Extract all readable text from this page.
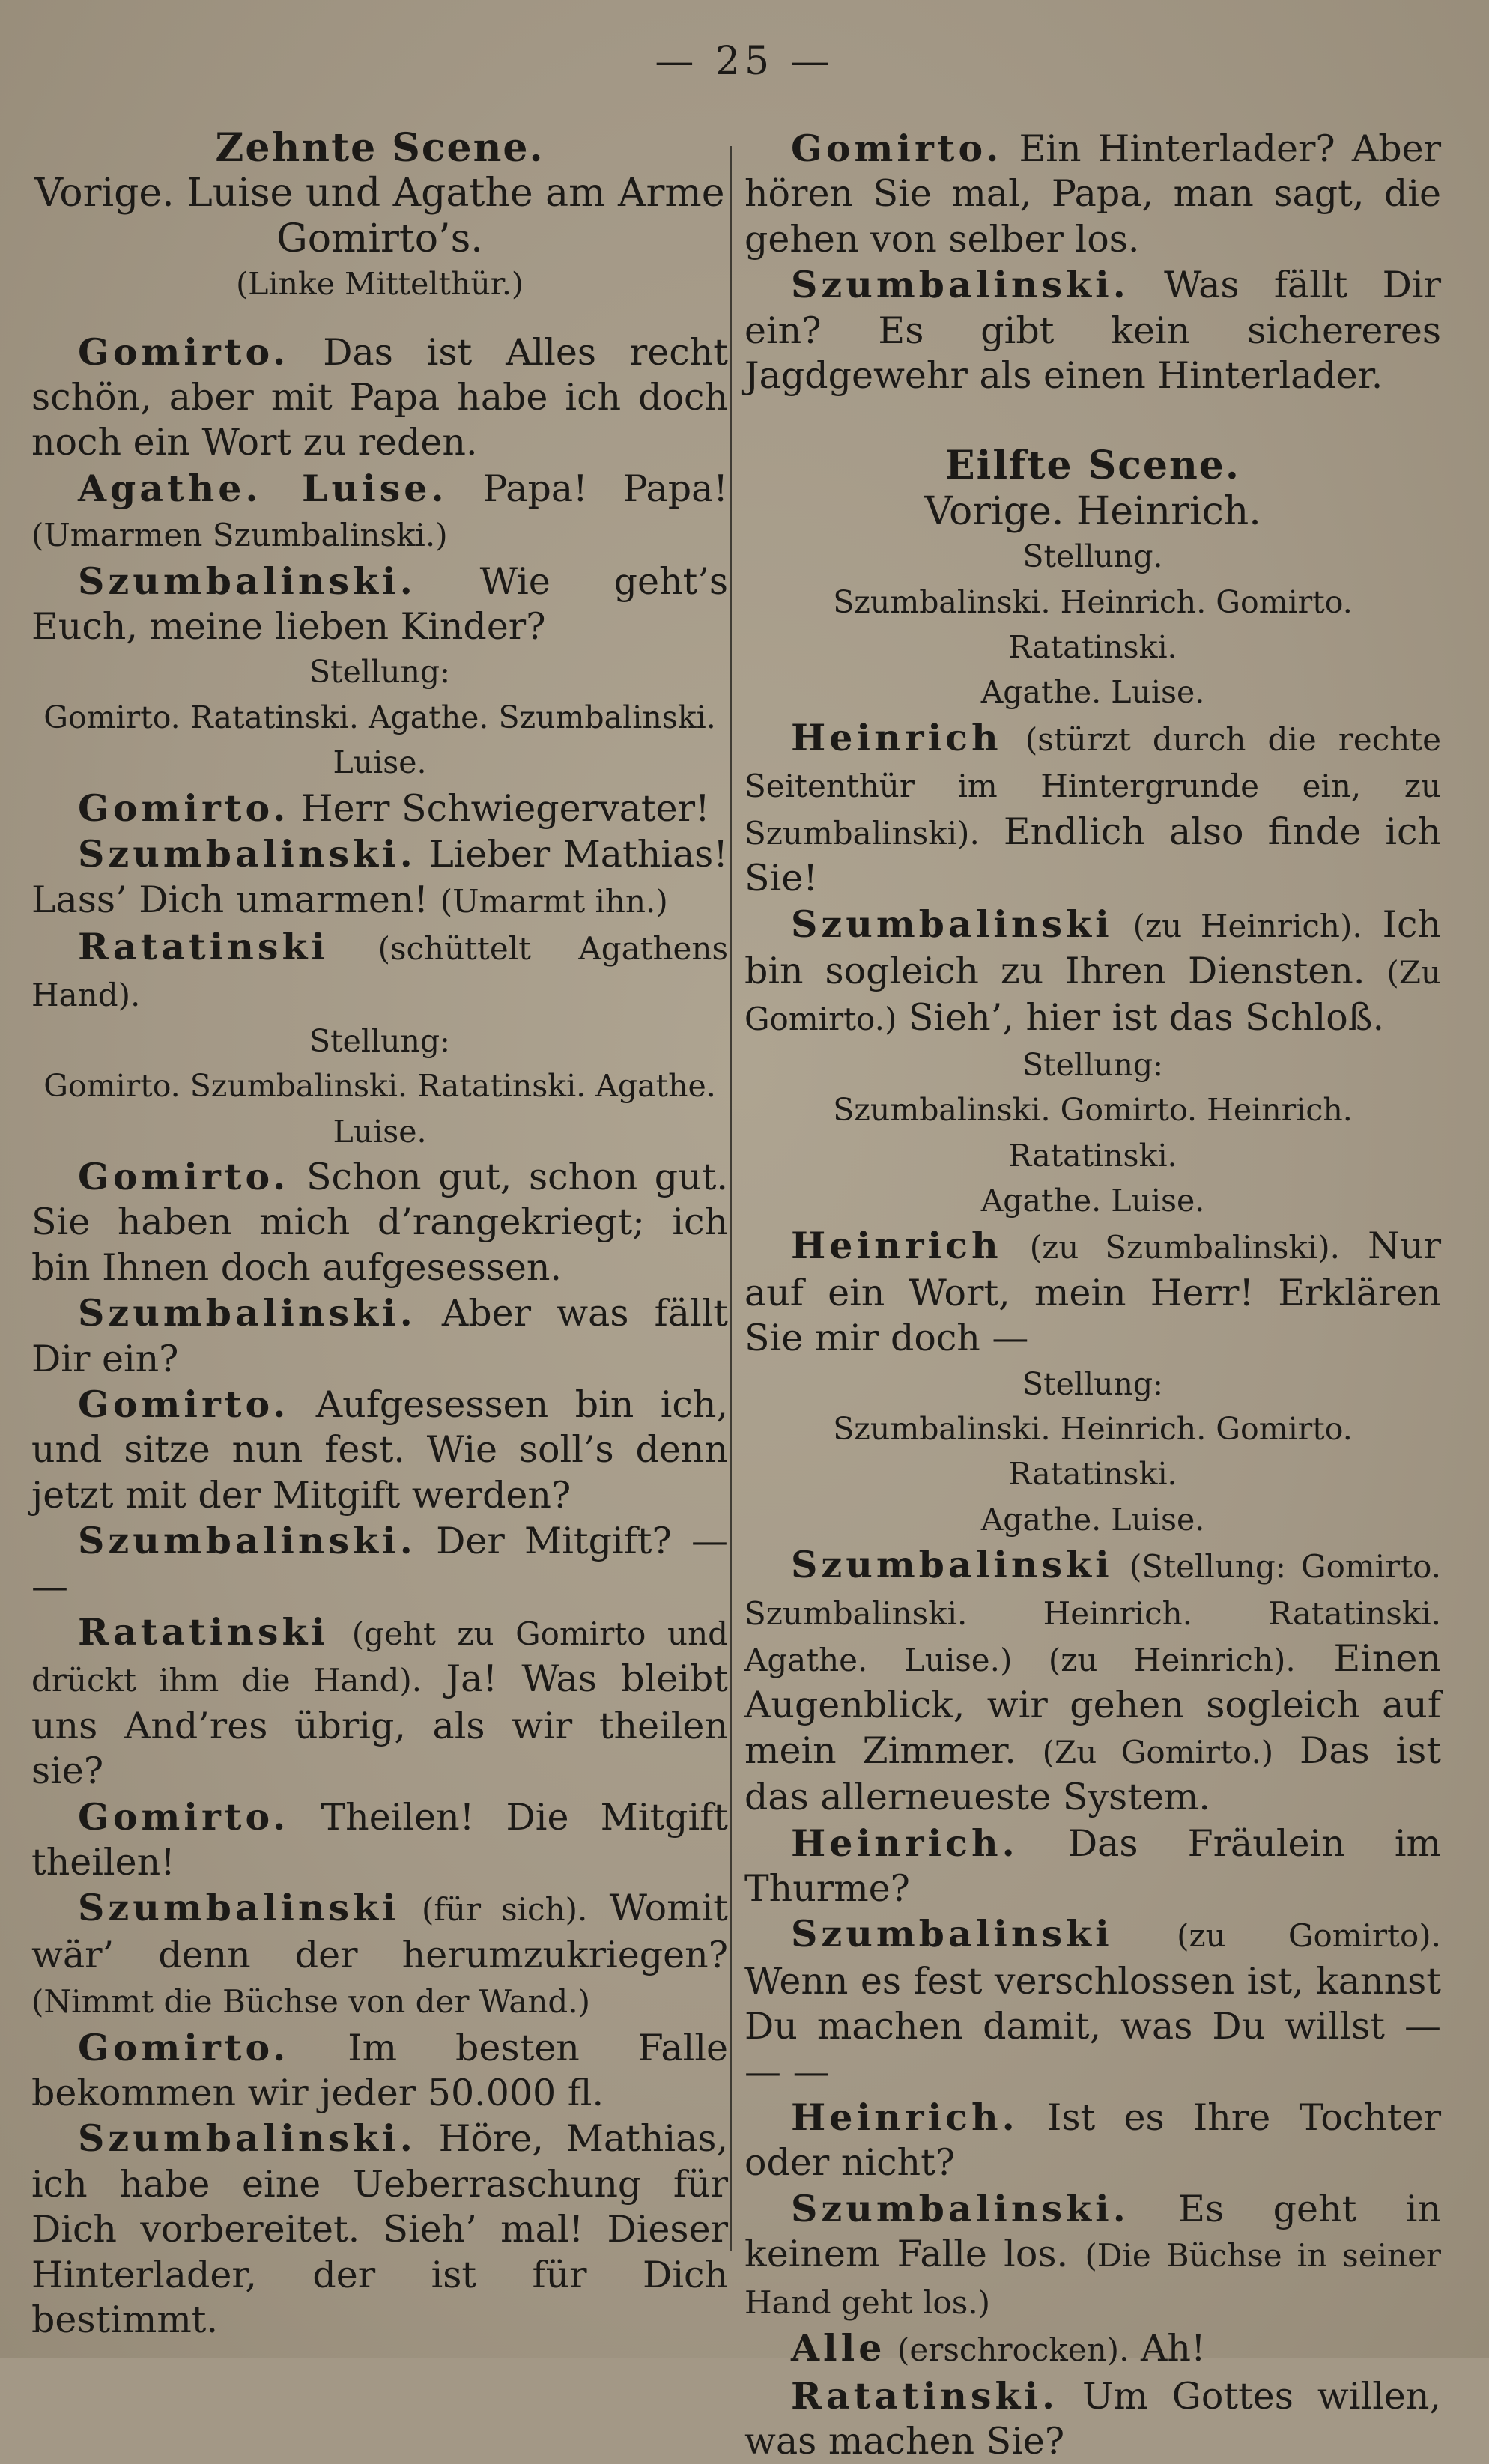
— 25 —

Zehnte Scene.

Vorige. Luise und Agathe am Arme

Gomirto’s.

(Linke Mittelthür.)

Gomirto. Das ist Alles recht schön, aber mit Papa habe ich doch noch ein Wort zu reden.

Agathe. Luise. Papa! Papa! (Umarmen Szumbalinski.)

Szumbalinski. Wie geht’s Euch, meine lieben Kinder?

Stellung:

Gomirto. Ratatinski. Agathe. Szumbalinski.

Luise.

Gomirto. Herr Schwiegervater!

Szumbalinski. Lieber Mathias! Lass’ Dich umarmen! (Umarmt ihn.)

Ratatinski (schüttelt Agathens Hand).

Stellung:

Gomirto. Szumbalinski. Ratatinski. Agathe.

Luise.

Gomirto. Schon gut, schon gut. Sie haben mich d’rangekriegt; ich bin Ihnen doch aufgesessen.

Szumbalinski. Aber was fällt Dir ein?

Gomirto. Aufgesessen bin ich, und sitze nun fest. Wie soll’s denn jetzt mit der Mitgift werden?

Szumbalinski. Der Mitgift? — —

Ratatinski (geht zu Gomirto und drückt ihm die Hand). Ja! Was bleibt uns And’res übrig, als wir theilen sie?

Gomirto. Theilen! Die Mitgift theilen!

Szumbalinski (für sich). Womit wär’ denn der herumzukriegen? (Nimmt die Büchse von der Wand.)

Gomirto. Im besten Falle bekommen wir jeder 50.000 fl.

Szumbalinski. Höre, Mathias, ich habe eine Ueberraschung für Dich vorbereitet. Sieh’ mal! Dieser Hinterlader, der ist für Dich bestimmt.

Gomirto. Ein Hinterlader? Aber hören Sie mal, Papa, man sagt, die gehen von selber los.

Szumbalinski. Was fällt Dir ein? Es gibt kein sichereres Jagdgewehr als einen Hinterlader.

Eilfte Scene.

Vorige. Heinrich.

Stellung.

Szumbalinski. Heinrich. Gomirto. Ratatinski.

Agathe. Luise.

Heinrich (stürzt durch die rechte Seitenthür im Hintergrunde ein, zu Szumbalinski). Endlich also finde ich Sie!

Szumbalinski (zu Heinrich). Ich bin sogleich zu Ihren Diensten. (Zu Gomirto.) Sieh’, hier ist das Schloß.

Stellung:

Szumbalinski. Gomirto. Heinrich. Ratatinski.

Agathe. Luise.

Heinrich (zu Szumbalinski). Nur auf ein Wort, mein Herr! Erklären Sie mir doch —

Stellung:

Szumbalinski. Heinrich. Gomirto. Ratatinski.

Agathe. Luise.

Szumbalinski (Stellung: Gomirto. Szumbalinski. Heinrich. Ratatinski. Agathe. Luise.) (zu Heinrich). Einen Augenblick, wir gehen sogleich auf mein Zimmer. (Zu Gomirto.) Das ist das allerneueste System.

Heinrich. Das Fräulein im Thurme?

Szumbalinski (zu Gomirto). Wenn es fest verschlossen ist, kannst Du machen damit, was Du willst — — —

Heinrich. Ist es Ihre Tochter oder nicht?

Szumbalinski. Es geht in keinem Falle los. (Die Büchse in seiner Hand geht los.)

Alle (erschrocken). Ah!

Ratatinski. Um Gottes willen, was machen Sie?
